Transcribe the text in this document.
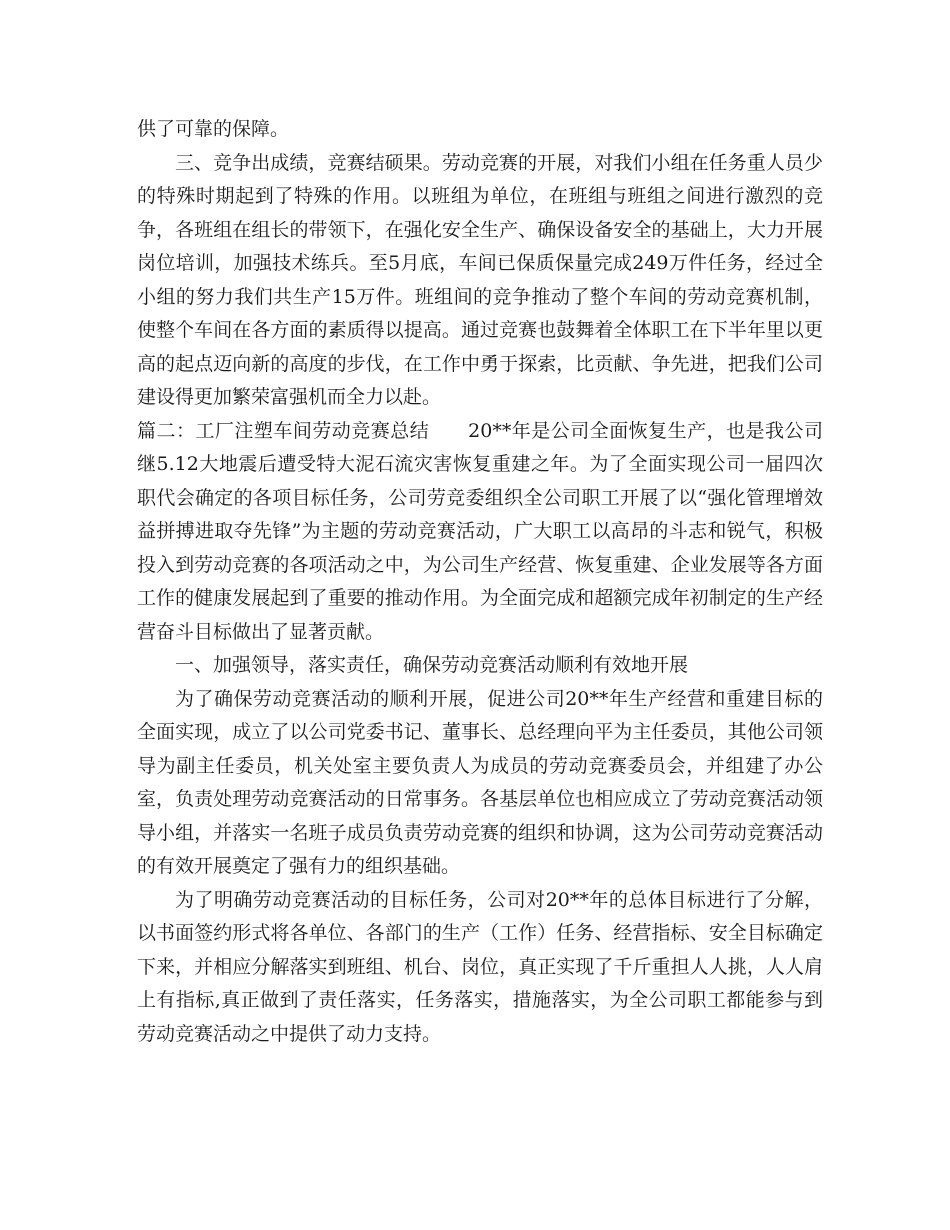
供了可靠的保障。

三、竞争出成绩，竞赛结硕果。劳动竞赛的开展，对我们小组在任务重人员少的特殊时期起到了特殊的作用。以班组为单位，在班组与班组之间进行激烈的竞争，各班组在组长的带领下，在强化安全生产、确保设备安全的基础上，大力开展岗位培训，加强技术练兵。至5月底，车间已保质保量完成249万件任务，经过全小组的努力我们共生产15万件。班组间的竞争推动了整个车间的劳动竞赛机制，使整个车间在各方面的素质得以提高。通过竞赛也鼓舞着全体职工在下半年里以更高的起点迈向新的高度的步伐，在工作中勇于探索，比贡献、争先进，把我们公司建设得更加繁荣富强机而全力以赴。

篇二：工厂注塑车间劳动竞赛总结　　20**年是公司全面恢复生产，也是我公司继5.12大地震后遭受特大泥石流灾害恢复重建之年。为了全面实现公司一届四次职代会确定的各项目标任务，公司劳竞委组织全公司职工开展了以“强化管理增效益拼搏进取夺先锋”为主题的劳动竞赛活动，广大职工以高昂的斗志和锐气，积极投入到劳动竞赛的各项活动之中，为公司生产经营、恢复重建、企业发展等各方面工作的健康发展起到了重要的推动作用。为全面完成和超额完成年初制定的生产经营奋斗目标做出了显著贡献。

一、加强领导，落实责任，确保劳动竞赛活动顺利有效地开展

为了确保劳动竞赛活动的顺利开展，促进公司20**年生产经营和重建目标的全面实现，成立了以公司党委书记、董事长、总经理向平为主任委员，其他公司领导为副主任委员，机关处室主要负责人为成员的劳动竞赛委员会，并组建了办公室，负责处理劳动竞赛活动的日常事务。各基层单位也相应成立了劳动竞赛活动领导小组，并落实一名班子成员负责劳动竞赛的组织和协调，这为公司劳动竞赛活动的有效开展奠定了强有力的组织基础。

为了明确劳动竞赛活动的目标任务，公司对20**年的总体目标进行了分解，以书面签约形式将各单位、各部门的生产（工作）任务、经营指标、安全目标确定下来，并相应分解落实到班组、机台、岗位，真正实现了千斤重担人人挑，人人肩上有指标,真正做到了责任落实，任务落实，措施落实，为全公司职工都能参与到劳动竞赛活动之中提供了动力支持。
